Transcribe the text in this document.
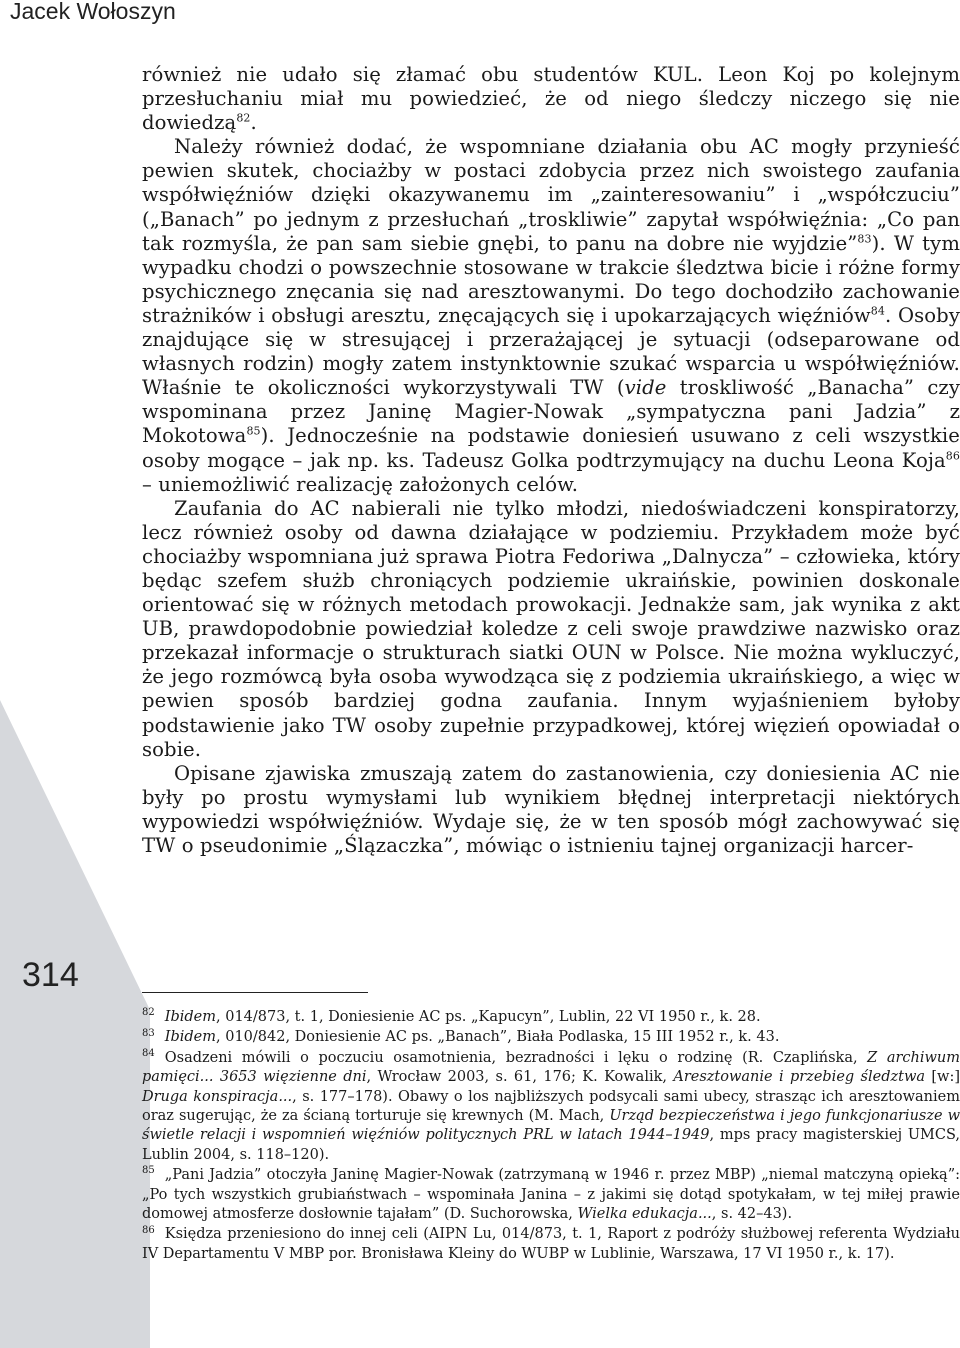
Jacek Wołoszyn
314

również nie udało się złamać obu studentów KUL. Leon Koj po kolejnym przesłuchaniu miał mu powiedzieć, że od niego śledczy niczego się nie dowiedzą$^{82}$.

Należy również dodać, że wspomniane działania obu AC mogły przynieść pewien skutek, chociażby w postaci zdobycia przez nich swoistego zaufania współwięźniów dzięki okazywanemu im „zainteresowaniu” i „współczuciu” („Banach” po jednym z przesłuchań „troskliwie” zapytał współwięźnia: „Co pan tak rozmyśla, że pan sam siebie gnębi, to panu na dobre nie wyjdzie”$^{83}$). W tym wypadku chodzi o powszechnie stosowane w trakcie śledztwa bicie i różne formy psychicznego znęcania się nad aresztowanymi. Do tego dochodziło zachowanie strażników i obsługi aresztu, znęcających się i upokarzających więźniów$^{84}$. Osoby znajdujące się w stresującej i przerażającej je sytuacji (odseparowane od własnych rodzin) mogły zatem instynktownie szukać wsparcia u współwięźniów. Właśnie te okoliczności wykorzystywali TW (vide troskliwość „Banacha” czy wspominana przez Janinę Magier-Nowak „sympatyczna pani Jadzia” z Mokotowa$^{85}$). Jednocześnie na podstawie doniesień usuwano z celi wszystkie osoby mogące – jak np. ks. Tadeusz Golka podtrzymujący na duchu Leona Koja$^{86}$ – uniemożliwić realizację założonych celów.

Zaufania do AC nabierali nie tylko młodzi, niedoświadczeni konspiratorzy, lecz również osoby od dawna działające w podziemiu. Przykładem może być chociażby wspomniana już sprawa Piotra Fedoriwa „Dalnycza” – człowieka, który będąc szefem służb chroniących podziemie ukraińskie, powinien doskonale orientować się w różnych metodach prowokacji. Jednakże sam, jak wynika z akt UB, prawdopodobnie powiedział koledze z celi swoje prawdziwe nazwisko oraz przekazał informacje o strukturach siatki OUN w Polsce. Nie można wykluczyć, że jego rozmówcą była osoba wywodząca się z podziemia ukraińskiego, a więc w pewien sposób bardziej godna zaufania. Innym wyjaśnieniem byłoby podstawienie jako TW osoby zupełnie przypadkowej, której więzień opowiadał o sobie.

Opisane zjawiska zmuszają zatem do zastanowienia, czy doniesienia AC nie były po prostu wymysłami lub wynikiem błędnej interpretacji niektórych wypowiedzi współwięźniów. Wydaje się, że w ten sposób mógł zachowywać się TW o pseudonimie „Ślązaczka”, mówiąc o istnieniu tajnej organizacji harcer-

$^{82}$ Ibidem, 014/873, t. 1, Doniesienie AC ps. „Kapucyn”, Lublin, 22 VI 1950 r., k. 28.
$^{83}$ Ibidem, 010/842, Doniesienie AC ps. „Banach”, Biała Podlaska, 15 III 1952 r., k. 43.
$^{84}$ Osadzeni mówili o poczuciu osamotnienia, bezradności i lęku o rodzinę (R. Czaplińska, Z archiwum pamięci... 3653 więzienne dni, Wrocław 2003, s. 61, 176; K. Kowalik, Aresztowanie i przebieg śledztwa [w:] Druga konspiracja..., s. 177–178). Obawy o los najbliższych podsycali sami ubecy, strasząc ich aresztowaniem oraz sugerując, że za ścianą torturuje się krewnych (M. Mach, Urząd bezpieczeństwa i jego funkcjonariusze w świetle relacji i wspomnień więźniów politycznych PRL w latach 1944–1949, mps pracy magisterskiej UMCS, Lublin 2004, s. 118–120).
$^{85}$ „Pani Jadzia” otoczyła Janinę Magier-Nowak (zatrzymaną w 1946 r. przez MBP) „niemal matczyną opieką”: „Po tych wszystkich grubiaństwach – wspominała Janina – z jakimi się dotąd spotykałam, w tej miłej prawie domowej atmosferze dosłownie tajałam” (D. Suchorowska, Wielka edukacja..., s. 42–43).
$^{86}$ Księdza przeniesiono do innej celi (AIPN Lu, 014/873, t. 1, Raport z podróży służbowej referenta Wydziału IV Departamentu V MBP por. Bronisława Kleiny do WUBP w Lublinie, Warszawa, 17 VI 1950 r., k. 17).
